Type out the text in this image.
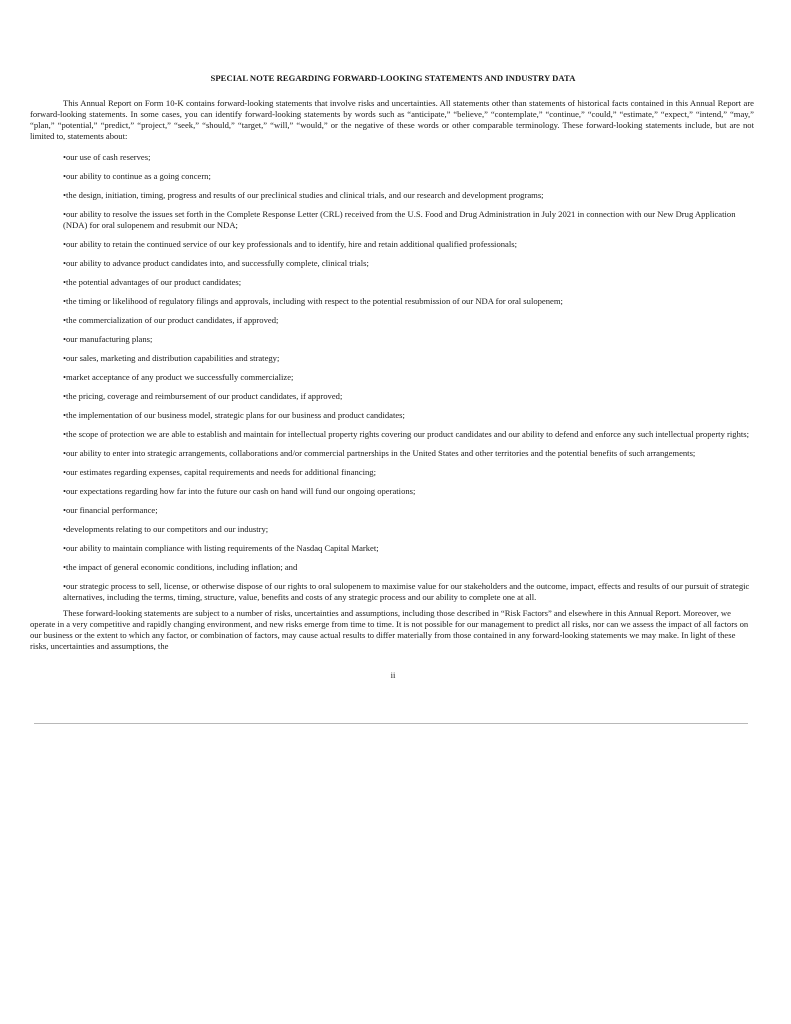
SPECIAL NOTE REGARDING FORWARD-LOOKING STATEMENTS AND INDUSTRY DATA

This Annual Report on Form 10-K contains forward-looking statements that involve risks and uncertainties. All statements other than statements of historical facts contained in this Annual Report are forward-looking statements. In some cases, you can identify forward-looking statements by words such as “anticipate,” “believe,” “contemplate,” “continue,” “could,” “estimate,” “expect,” “intend,” “may,” “plan,” “potential,” “predict,” “project,” “seek,” “should,” “target,” “will,” “would,” or the negative of these words or other comparable terminology. These forward-looking statements include, but are not limited to, statements about:

•our use of cash reserves;
•our ability to continue as a going concern;
•the design, initiation, timing, progress and results of our preclinical studies and clinical trials, and our research and development programs;
•our ability to resolve the issues set forth in the Complete Response Letter (CRL) received from the U.S. Food and Drug Administration in July 2021 in connection with our New Drug Application (NDA) for oral sulopenem and resubmit our NDA;
•our ability to retain the continued service of our key professionals and to identify, hire and retain additional qualified professionals;
•our ability to advance product candidates into, and successfully complete, clinical trials;
•the potential advantages of our product candidates;
•the timing or likelihood of regulatory filings and approvals, including with respect to the potential resubmission of our NDA for oral sulopenem;
•the commercialization of our product candidates, if approved;
•our manufacturing plans;
•our sales, marketing and distribution capabilities and strategy;
•market acceptance of any product we successfully commercialize;
•the pricing, coverage and reimbursement of our product candidates, if approved;
•the implementation of our business model, strategic plans for our business and product candidates;
•the scope of protection we are able to establish and maintain for intellectual property rights covering our product candidates and our ability to defend and enforce any such intellectual property rights;
•our ability to enter into strategic arrangements, collaborations and/or commercial partnerships in the United States and other territories and the potential benefits of such arrangements;
•our estimates regarding expenses, capital requirements and needs for additional financing;
•our expectations regarding how far into the future our cash on hand will fund our ongoing operations;
•our financial performance;
•developments relating to our competitors and our industry;
•our ability to maintain compliance with listing requirements of the Nasdaq Capital Market;
•the impact of general economic conditions, including inflation; and
•our strategic process to sell, license, or otherwise dispose of our rights to oral sulopenem to maximise value for our stakeholders and the outcome, impact, effects and results of our pursuit of strategic alternatives, including the terms, timing, structure, value, benefits and costs of any strategic process and our ability to complete one at all.

These forward-looking statements are subject to a number of risks, uncertainties and assumptions, including those described in “Risk Factors” and elsewhere in this Annual Report. Moreover, we operate in a very competitive and rapidly changing environment, and new risks emerge from time to time. It is not possible for our management to predict all risks, nor can we assess the impact of all factors on our business or the extent to which any factor, or combination of factors, may cause actual results to differ materially from those contained in any forward-looking statements we may make. In light of these risks, uncertainties and assumptions, the

ii
